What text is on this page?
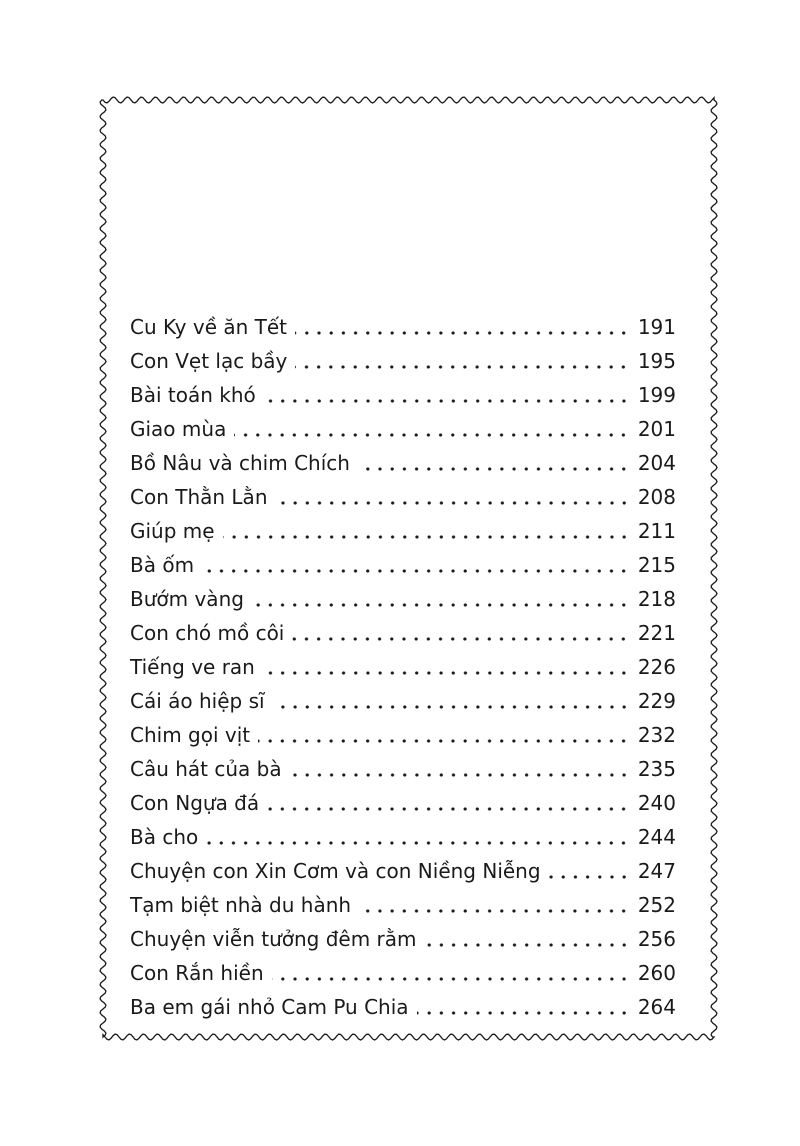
Cu Ky về ăn Tết	191
Con Vẹt lạc bầy	195
Bài toán khó	199
Giao mùa	201
Bồ Nâu và chim Chích	204
Con Thằn Lằn	208
Giúp mẹ	211
Bà ốm	215
Bướm vàng	218
Con chó mồ côi	221
Tiếng ve ran	226
Cái áo hiệp sĩ	229
Chim gọi vịt	232
Câu hát của bà	235
Con Ngựa đá	240
Bà cho	244
Chuyện con Xin Cơm và con Niềng Niễng	247
Tạm biệt nhà du hành	252
Chuyện viễn tưởng đêm rằm	256
Con Rắn hiền	260
Ba em gái nhỏ Cam Pu Chia	264
